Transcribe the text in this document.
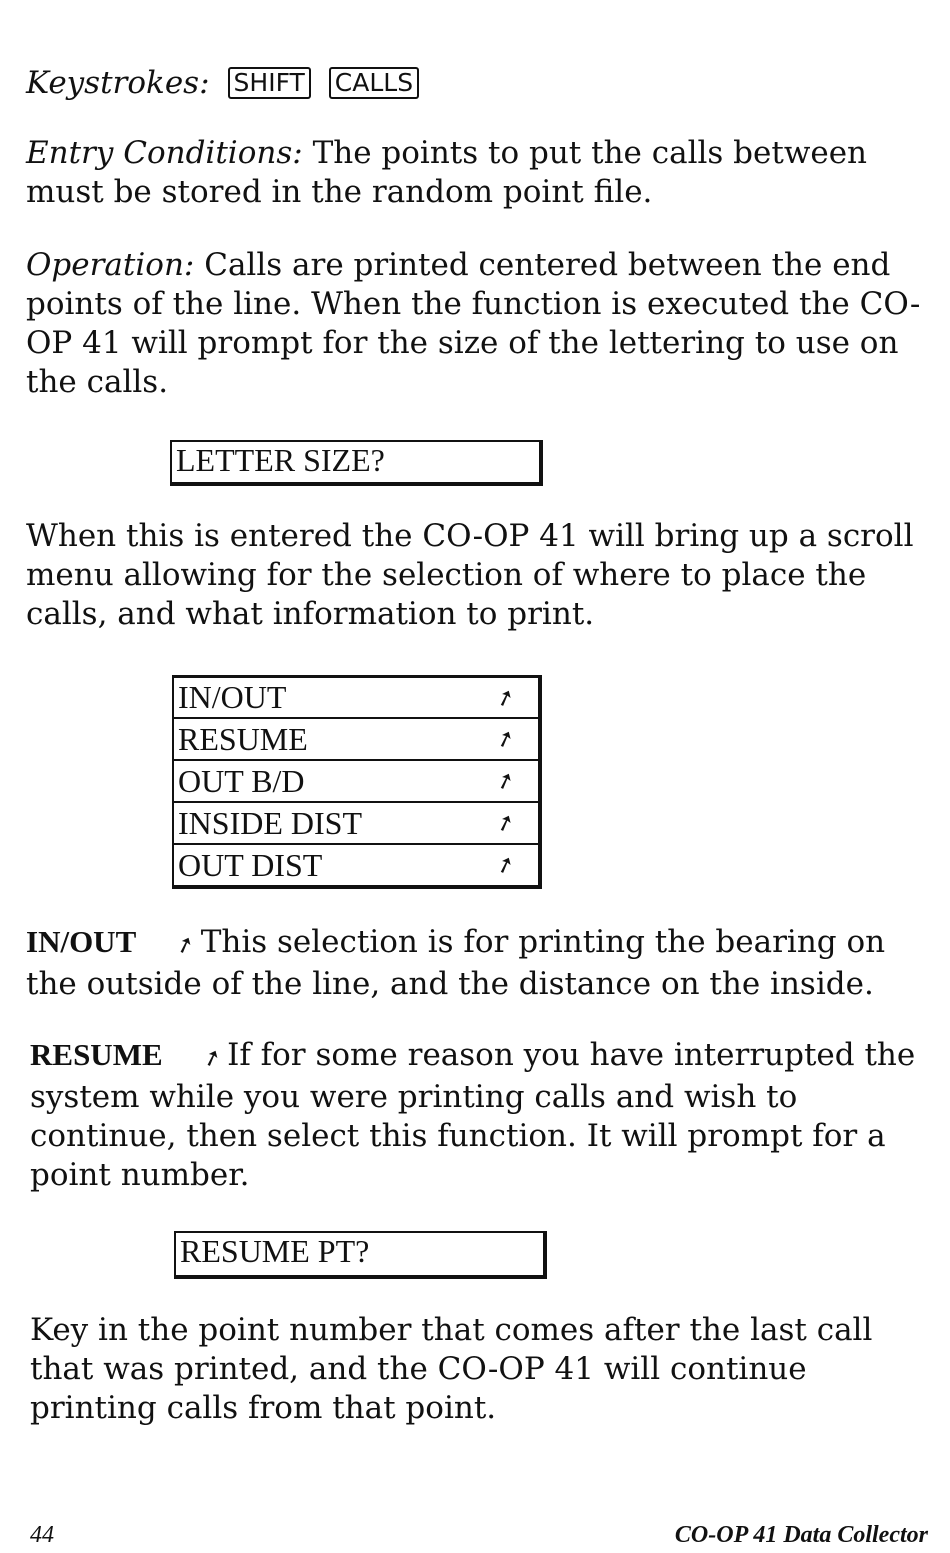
Keystrokes: SHIFT CALLS

Entry Conditions: The points to put the calls between must be stored in the random point file.

Operation: Calls are printed centered between the end points of the line. When the function is executed the CO-OP 41 will prompt for the size of the lettering to use on the calls.

LETTER SIZE?

When this is entered the CO-OP 41 will bring up a scroll menu allowing for the selection of where to place the calls, and what information to print.

IN/OUT	➚
RESUME	➚
OUT B/D	➚
INSIDE DIST	➚
OUT DIST	➚

IN/OUT ➚This selection is for printing the bearing on the outside of the line, and the distance on the inside.

RESUME ➚If for some reason you have interrupted the system while you were printing calls and wish to continue, then select this function. It will prompt for a point number.

RESUME PT?

Key in the point number that comes after the last call that was printed, and the CO-OP 41 will continue printing calls from that point.

44	CO-OP 41 Data Collector
